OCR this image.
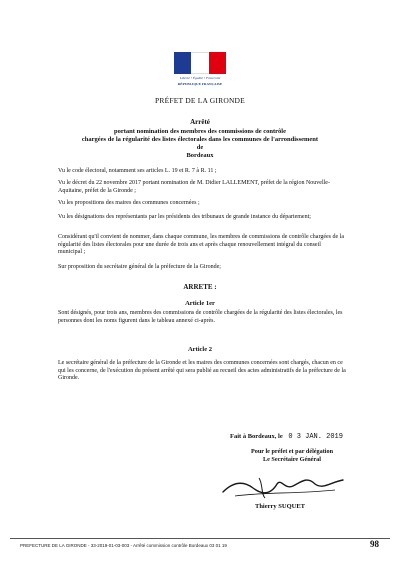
Liberté • Égalité • Fraternité
RÉPUBLIQUE FRANÇAISE
PRÉFET DE LA GIRONDE
Arrêté
portant nomination des membres des commissions de contrôle
chargées de la régularité des listes électorales dans les communes de l'arrondissement de
Bordeaux
Vu le code électoral, notamment ses articles L. 19 et R. 7 à R. 11 ;
Vu le décret du 22 novembre 2017 portant nomination de M. Didier LALLEMENT, préfet de la région Nouvelle-Aquitaine, préfet de la Gironde ;
Vu les propositions des maires des communes concernées ;
Vu les désignations des représentants par les présidents des tribunaux de grande instance du département;
Considérant qu'il convient de nommer, dans chaque commune, les membres de commissions de contrôle chargées de la régularité des listes électorales pour une durée de trois ans et après chaque renouvellement intégral du conseil municipal ;
Sur proposition du secrétaire général de la préfecture de la Gironde;
ARRETE :
Article 1er
Sont désignés, pour trois ans, membres des commissions de contrôle chargées de la régularité des listes électorales, les personnes dont les noms figurent dans le tableau annexé ci-après.
Article 2
Le secrétaire général de la préfecture de la Gironde et les maires des communes concernées sont chargés, chacun en ce qui les concerne, de l'exécution du présent arrêté qui sera publié au recueil des actes administratifs de la préfecture de la Gironde.
Fait à Bordeaux, le 0 3 JAN. 2019
Pour le préfet et par délégation
Le Secrétaire Général
Thierry SUQUET
PREFECTURE DE LA GIRONDE - 33-2019-01-03-003 - Arrêté commission contrôle Bordeaux 03 01 19	98
